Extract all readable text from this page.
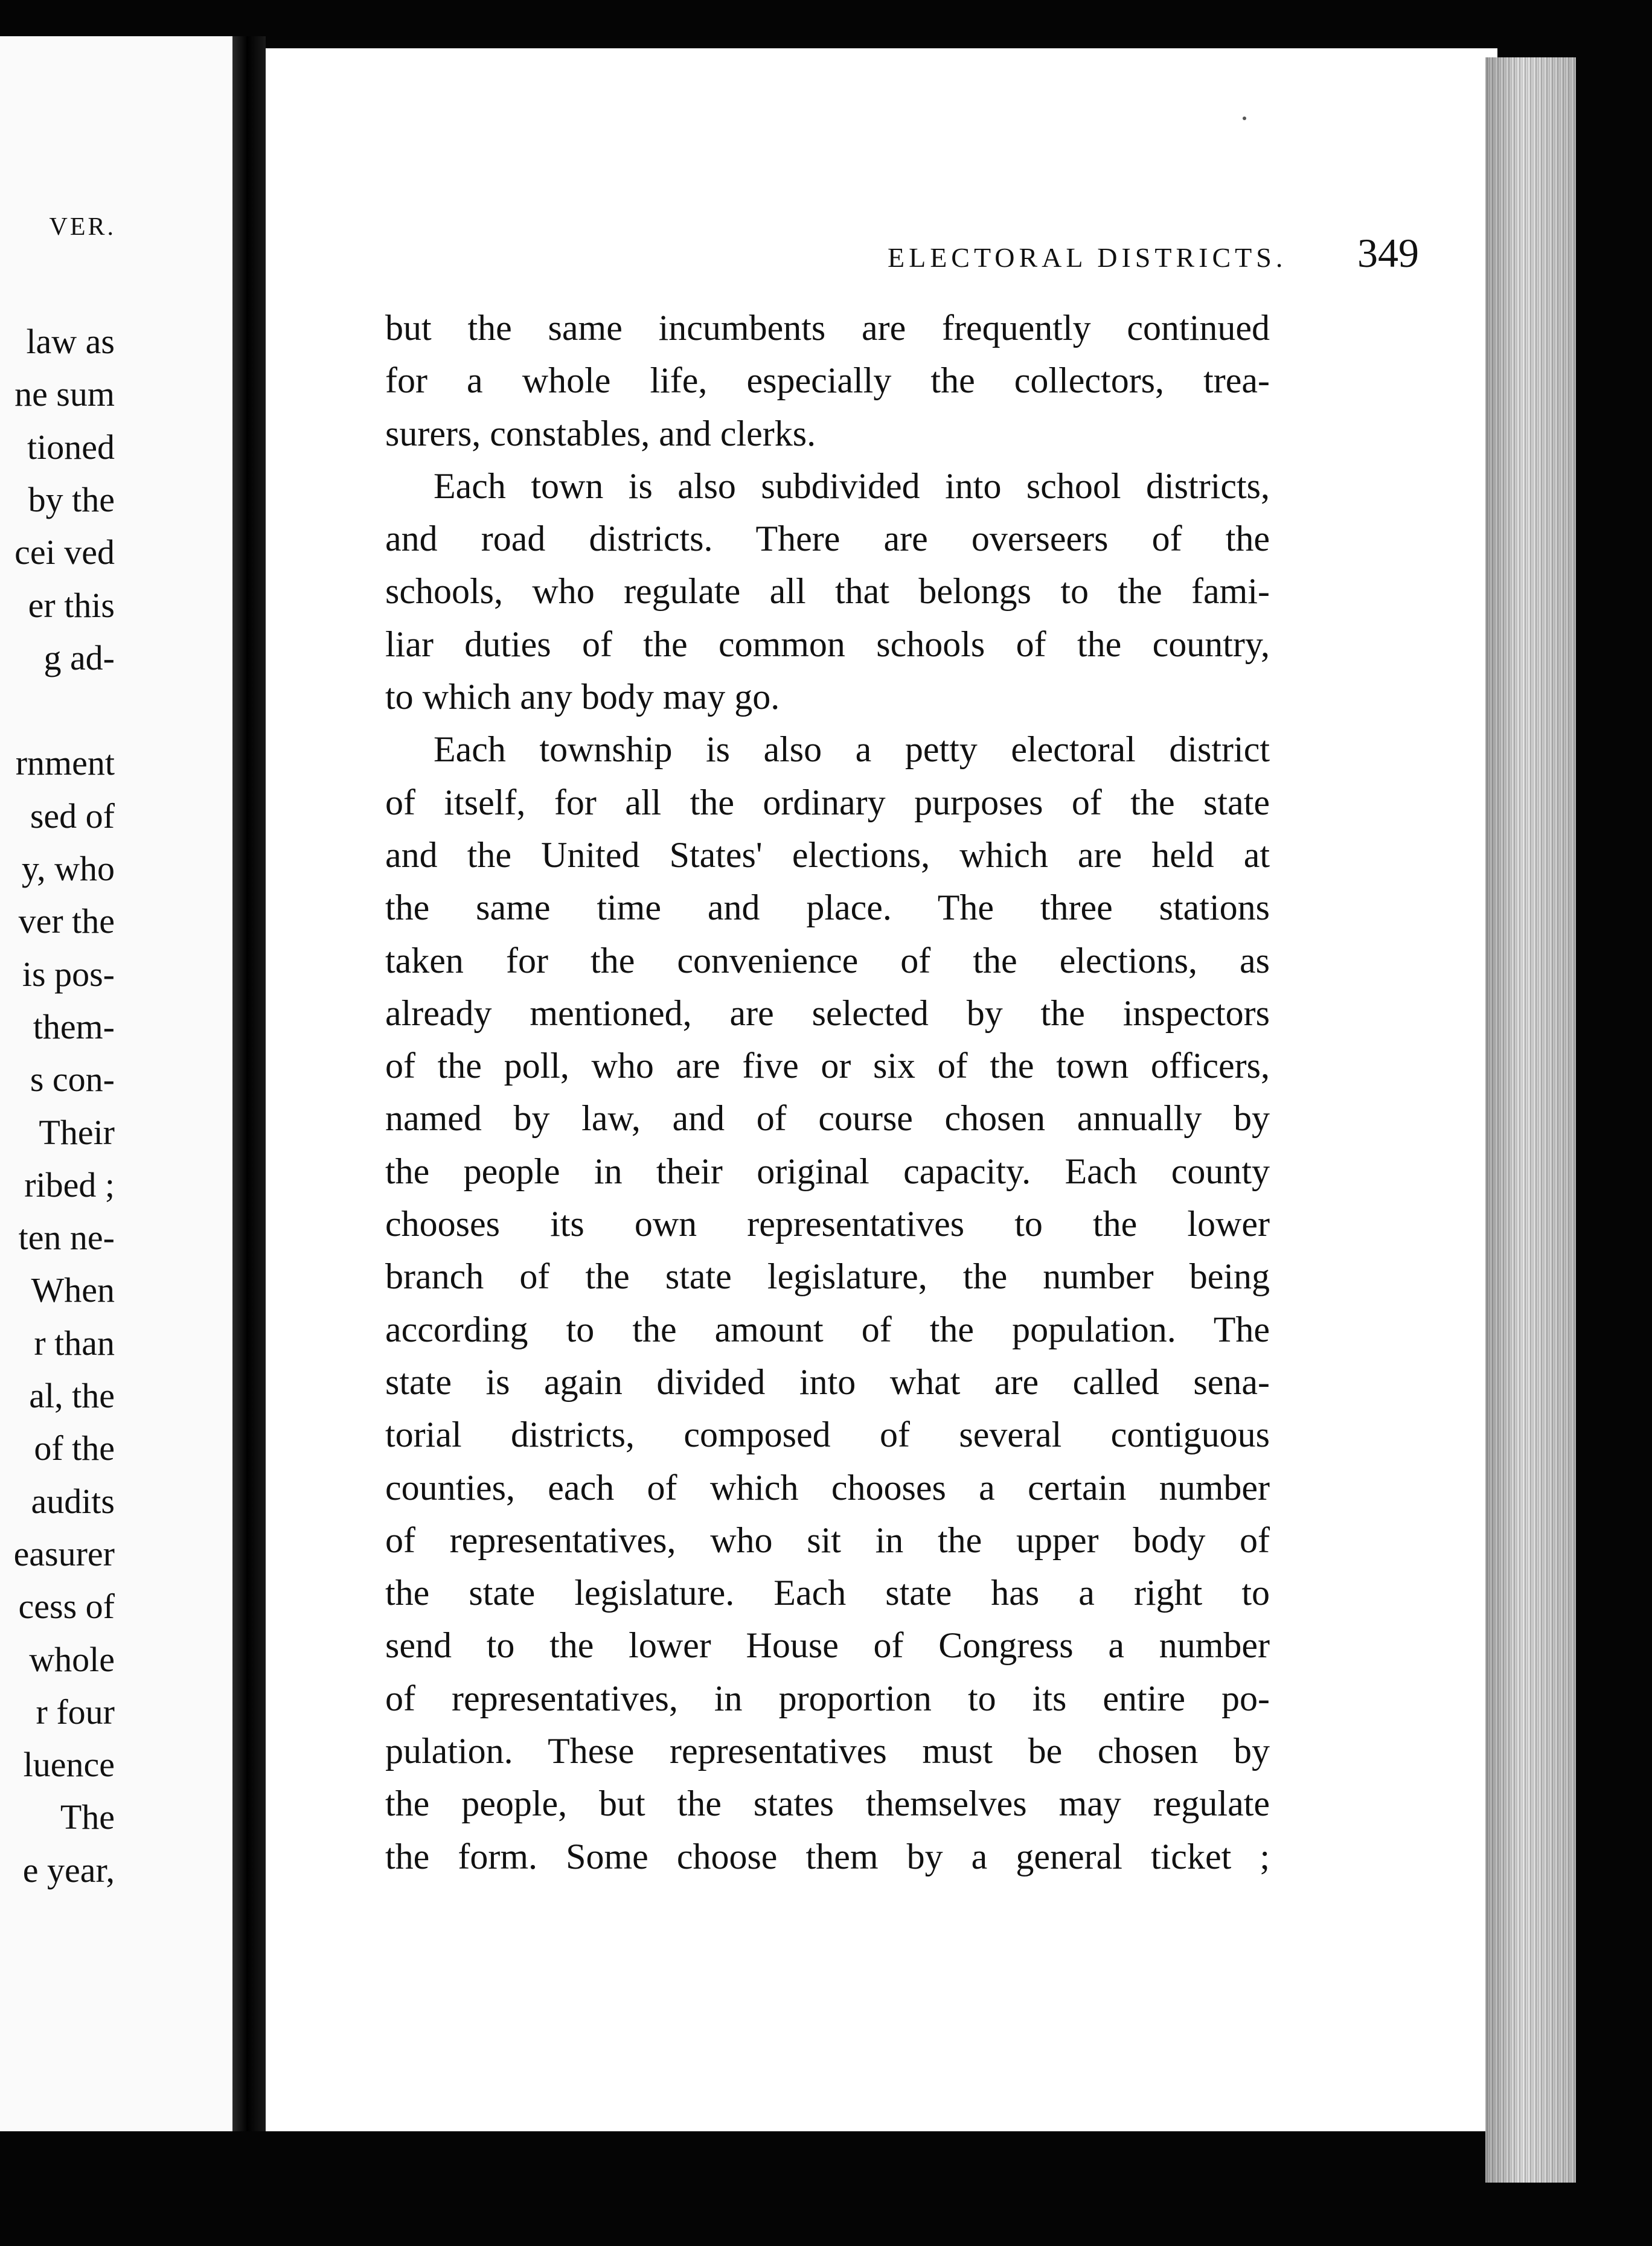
VER.
law as
ne sum
tioned
by the
cei ved
er this
g ad-
rnment
sed of
y, who
ver the
is pos-
them-
s con-
Their
ribed ;
ten ne-
When
r than
al, the
of the
audits
easurer
cess of
whole
r four
luence
The
e year,
ELECTORAL DISTRICTS. 349
but the same incumbents are frequently continued
for a whole life, especially the collectors, trea-
surers, constables, and clerks.
Each town is also subdivided into school districts,
and road districts. There are overseers of the
schools, who regulate all that belongs to the fami-
liar duties of the common schools of the country,
to which any body may go.
Each township is also a petty electoral district
of itself, for all the ordinary purposes of the state
and the United States' elections, which are held at
the same time and place. The three stations
taken for the convenience of the elections, as
already mentioned, are selected by the inspectors
of the poll, who are five or six of the town officers,
named by law, and of course chosen annually by
the people in their original capacity. Each county
chooses its own representatives to the lower
branch of the state legislature, the number being
according to the amount of the population. The
state is again divided into what are called sena-
torial districts, composed of several contiguous
counties, each of which chooses a certain number
of representatives, who sit in the upper body of
the state legislature. Each state has a right to
send to the lower House of Congress a number
of representatives, in proportion to its entire po-
pulation. These representatives must be chosen by
the people, but the states themselves may regulate
the form. Some choose them by a general ticket ;
